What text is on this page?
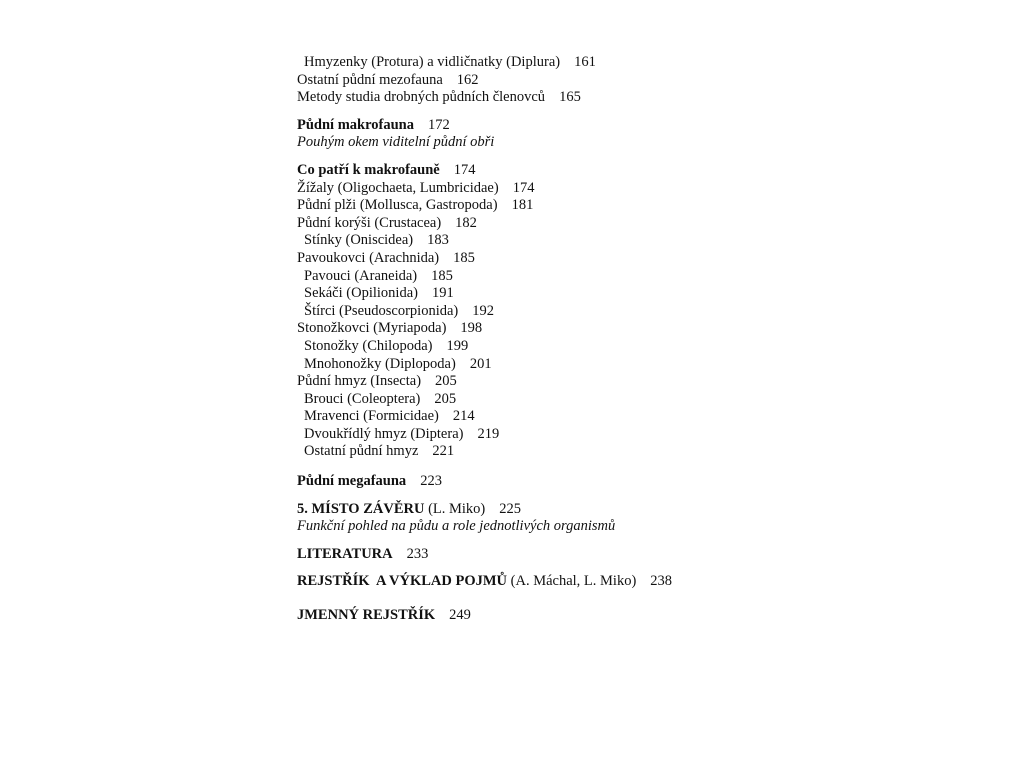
Hmyzenky (Protura) a vidličnatky (Diplura) 161
Ostatní půdní mezofauna 162
Metody studia drobných půdních členovců 165
Půdní makrofauna 172
Pouhým okem viditelní půdní obři
Co patří k makrofauně 174
Žížaly (Oligochaeta, Lumbricidae) 174
Půdní plži (Mollusca, Gastropoda) 181
Půdní korýši (Crustacea) 182
Stínky (Oniscidea) 183
Pavoukovci (Arachnida) 185
Pavouci (Araneida) 185
Sekáči (Opilionida) 191
Štírci (Pseudoscorpionida) 192
Stonožkovci (Myriapoda) 198
Stonožky (Chilopoda) 199
Mnohonožky (Diplopoda) 201
Půdní hmyz (Insecta) 205
Brouci (Coleoptera) 205
Mravenci (Formicidae) 214
Dvoukřídlý hmyz (Diptera) 219
Ostatní půdní hmyz 221
Půdní megafauna 223
5. MÍSTO ZÁVĚRU (L. Miko) 225
Funkční pohled na půdu a role jednotlivých organismů
LITERATURA 233
REJSTŘÍK  A VÝKLAD POJMŮ (A. Máchal, L. Miko) 238
JMENNÝ REJSTŘÍK 249
